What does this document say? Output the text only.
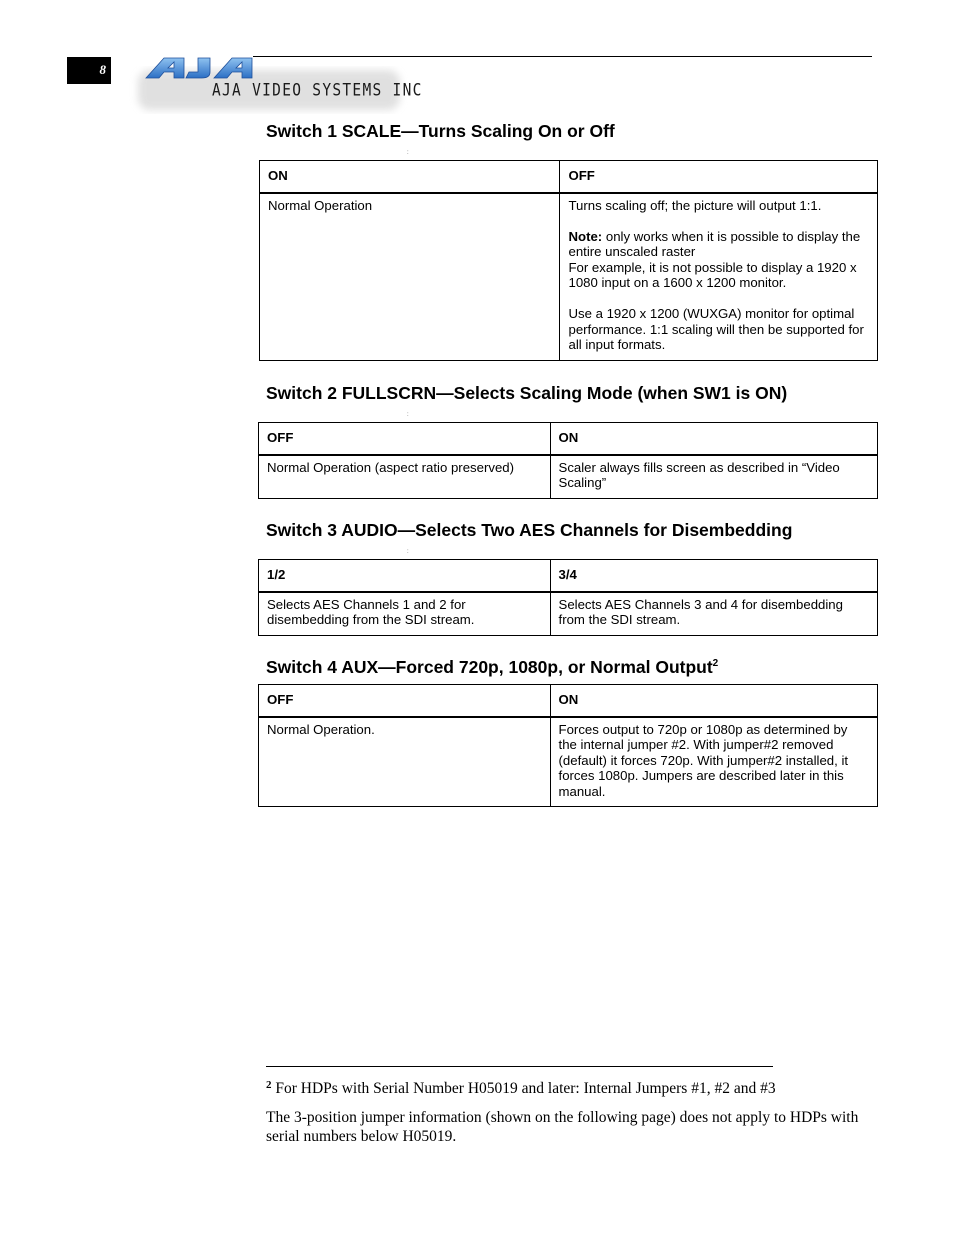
8
AJA VIDEO SYSTEMS INC
Switch 1 SCALE—Turns Scaling On or Off
:
ON	OFF
Normal Operation	Turns scaling off; the picture will output 1:1.

Note: only works when it is possible to display the entire unscaled raster

For example, it is not possible to display a 1920 x 1080 input on a 1600 x 1200 monitor.

Use a 1920 x 1200 (WUXGA) monitor for optimal performance. 1:1 scaling will then be supported for all input formats.

Switch 2 FULLSCRN—Selects Scaling Mode (when SW1 is ON)
:
OFF	ON
Normal Operation (aspect ratio preserved)	Scaler always fills screen as described in “Video Scaling”
Switch 3 AUDIO—Selects Two AES Channels for Disembedding
:
1/2	3/4
Selects AES Channels 1 and 2 for disembedding from the SDI stream.	Selects AES Channels 3 and 4 for disembedding from the SDI stream.
Switch 4 AUX—Forced 720p, 1080p, or Normal Output$^2$
OFF	ON
Normal Operation.	Forces output to 720p or 1080p as determined by the internal jumper #2. With jumper#2 removed (default) it forces 720p. With jumper#2 installed, it forces 1080p. Jumpers are described later in this manual.

$^2$ For HDPs with Serial Number H05019 and later: Internal Jumpers #1, #2 and #3

The 3-position jumper information (shown on the following page) does not apply to HDPs with serial numbers below H05019.
